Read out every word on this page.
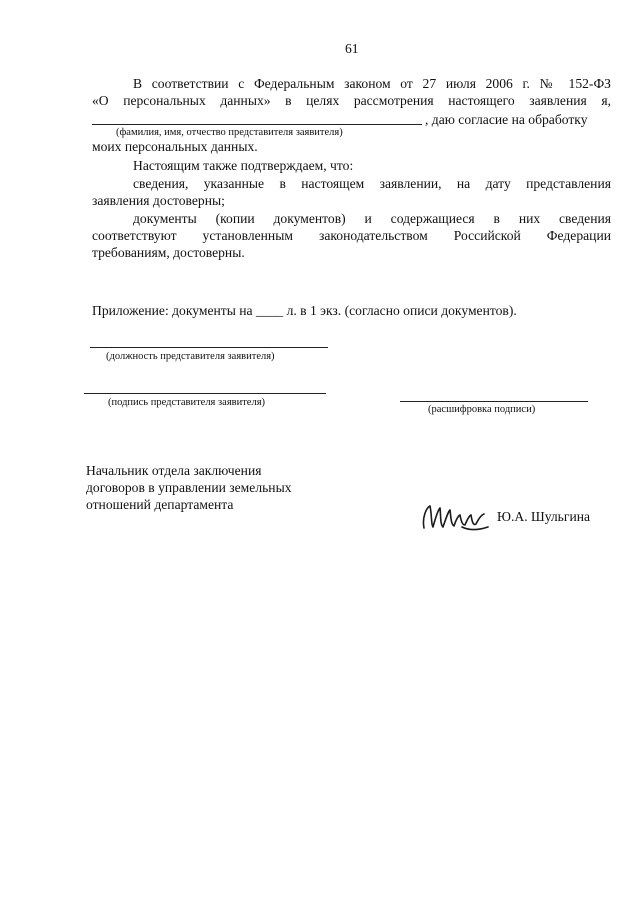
61
В соответствии с Федеральным законом от 27 июля 2006 г. № 152-ФЗ
«О персональных данных» в целях рассмотрения настоящего заявления я,
, даю согласие на обработку
(фамилия, имя, отчество представителя заявителя)
моих персональных данных.
Настоящим также подтверждаем, что:
сведения, указанные в настоящем заявлении, на дату представления
заявления достоверны;
документы (копии документов) и содержащиеся в них сведения
соответствуют установленным законодательством Российской Федерации
требованиям, достоверны.
Приложение: документы на ____ л. в 1 экз. (согласно описи документов).
(должность представителя заявителя)
(подпись представителя заявителя)
(расшифровка подписи)
Начальник отдела заключения
договоров в управлении земельных
отношений департамента
Ю.А. Шульгина
